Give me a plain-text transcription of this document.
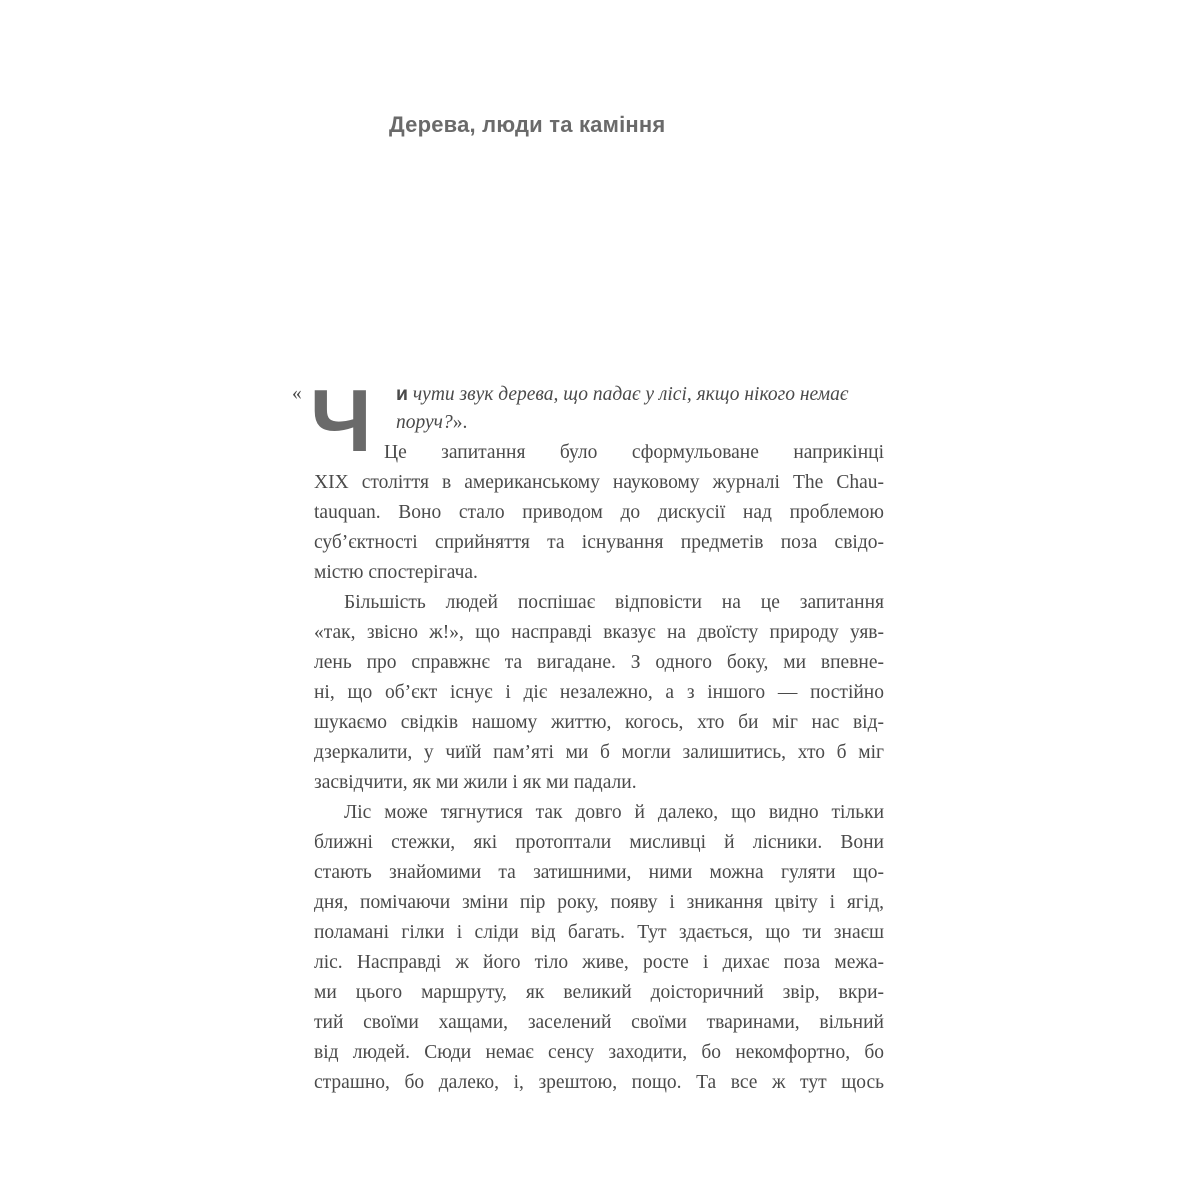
Дерева, люди та каміння
« Ч и чути звук дерева, що падає у лісі, якщо нікого немає
поруч?».
Це запитання було сформульоване наприкінці
XIX століття в американському науковому журналі The Chau-
tauquan. Воно стало приводом до дискусії над проблемою
суб’єктності сприйняття та існування предметів поза свідо-
містю спостерігача.
Більшість людей поспішає відповісти на це запитання
«так, звісно ж!», що насправді вказує на двоїсту природу уяв-
лень про справжнє та вигадане. З одного боку, ми впевне-
ні, що об’єкт існує і діє незалежно, а з іншого — постійно
шукаємо свідків нашому життю, когось, хто би міг нас від-
дзеркалити, у чиїй пам’яті ми б могли залишитись, хто б міг
засвідчити, як ми жили і як ми падали.
Ліс може тягнутися так довго й далеко, що видно тільки
ближні стежки, які протоптали мисливці й лісники. Вони
стають знайомими та затишними, ними можна гуляти що-
дня, помічаючи зміни пір року, появу і зникання цвіту і ягід,
поламані гілки і сліди від багать. Тут здається, що ти знаєш
ліс. Наспрaвді ж його тіло живе, росте і дихає поза межа-
ми цього маршруту, як великий доісторичний звір, вкри-
тий своїми хащами, заселений своїми тваринами, вільний
від людей. Сюди немає сенсу заходити, бо некомфортно, бо
страшно, бо далеко, і, зрештою, пощо. Та все ж тут щось
